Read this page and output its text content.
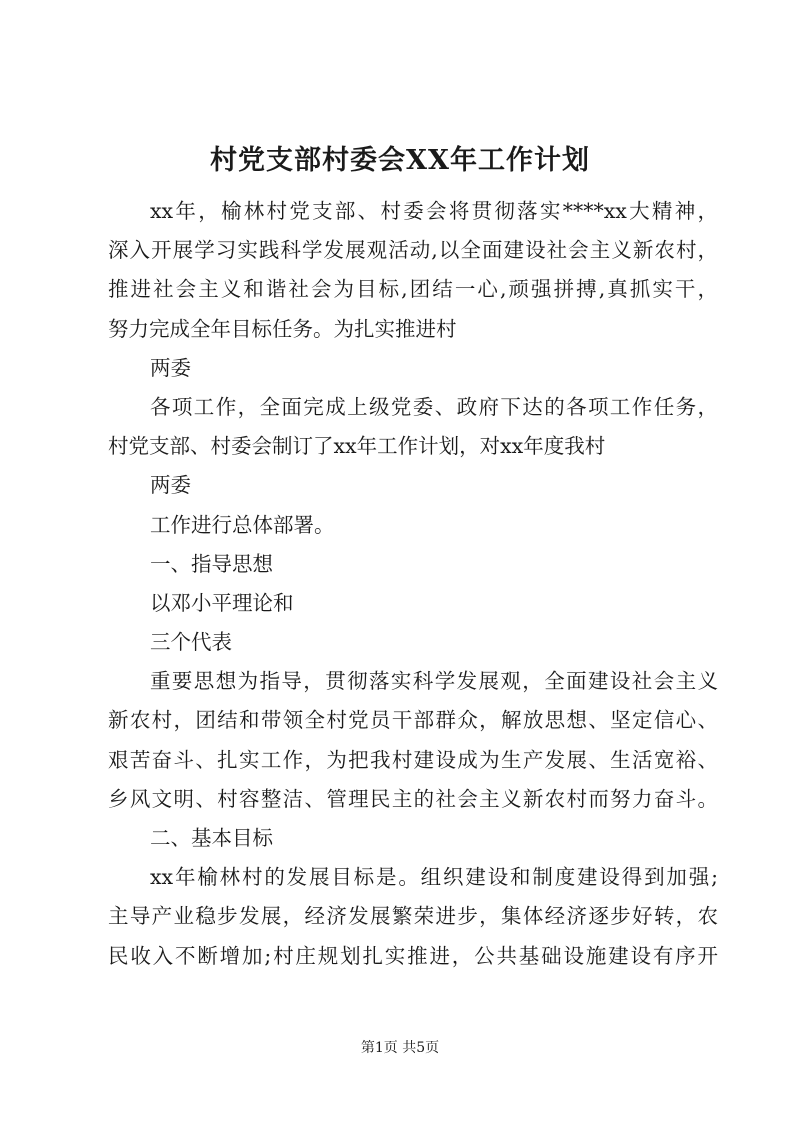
村党支部村委会XX年工作计划
xx年，榆林村党支部、村委会将贯彻落实****xx大精神，
深入开展学习实践科学发展观活动,以全面建设社会主义新农村，
推进社会主义和谐社会为目标,团结一心,顽强拼搏,真抓实干，
努力完成全年目标任务。为扎实推进村
两委
各项工作，全面完成上级党委、政府下达的各项工作任务，
村党支部、村委会制订了xx年工作计划，对xx年度我村
两委
工作进行总体部署。
一、指导思想
以邓小平理论和
三个代表
重要思想为指导，贯彻落实科学发展观，全面建设社会主义
新农村，团结和带领全村党员干部群众，解放思想、坚定信心、
艰苦奋斗、扎实工作，为把我村建设成为生产发展、生活宽裕、
乡风文明、村容整洁、管理民主的社会主义新农村而努力奋斗。
二、基本目标
xx年榆林村的发展目标是。组织建设和制度建设得到加强;
主导产业稳步发展，经济发展繁荣进步，集体经济逐步好转，农
民收入不断增加;村庄规划扎实推进，公共基础设施建设有序开
第1页 共5页
